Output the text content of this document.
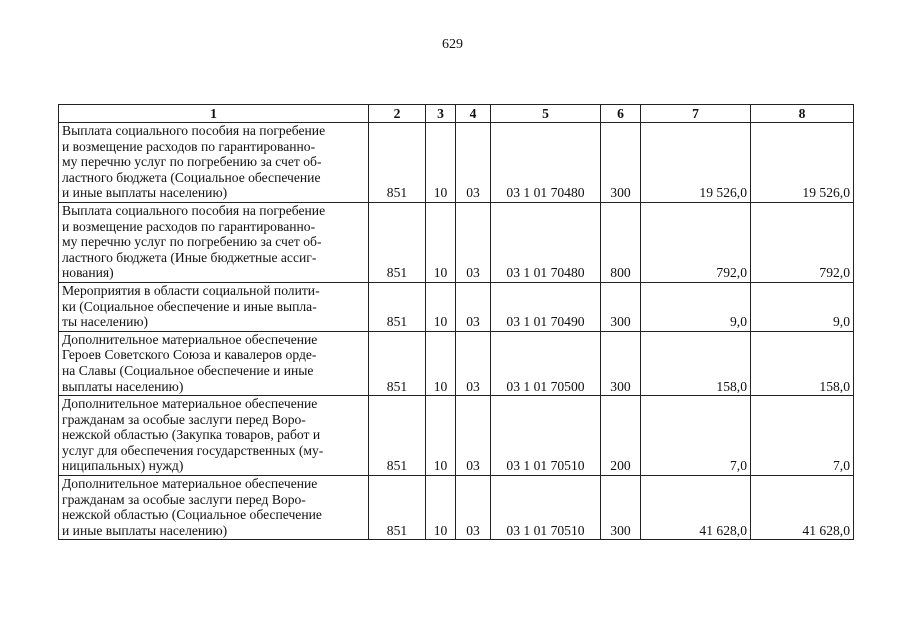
629
1	2	3	4	5	6	7	8

Выплата социального пособия на погребение
и возмещение расходов по гарантированно-
му перечню услуг по погребению за счет об-
ластного бюджета (Социальное обеспечение
и иные выплаты населению)	851	10	03	03 1 01 70480	300	19 526,0	19 526,0

Выплата социального пособия на погребение
и возмещение расходов по гарантированно-
му перечню услуг по погребению за счет об-
ластного бюджета (Иные бюджетные ассиг-
нования)	851	10	03	03 1 01 70480	800	792,0	792,0

Мероприятия в области социальной полити-
ки (Социальное обеспечение и иные выпла-
ты населению)	851	10	03	03 1 01 70490	300	9,0	9,0

Дополнительное материальное обеспечение
Героев Советского Союза и кавалеров орде-
на Славы (Социальное обеспечение и иные
выплаты населению)	851	10	03	03 1 01 70500	300	158,0	158,0

Дополнительное материальное обеспечение
гражданам за особые заслуги перед Воро-
нежской областью (Закупка товаров, работ и
услуг для обеспечения государственных (му-
ниципальных) нужд)	851	10	03	03 1 01 70510	200	7,0	7,0

Дополнительное материальное обеспечение
гражданам за особые заслуги перед Воро-
нежской областью (Социальное обеспечение
и иные выплаты населению)	851	10	03	03 1 01 70510	300	41 628,0	41 628,0
